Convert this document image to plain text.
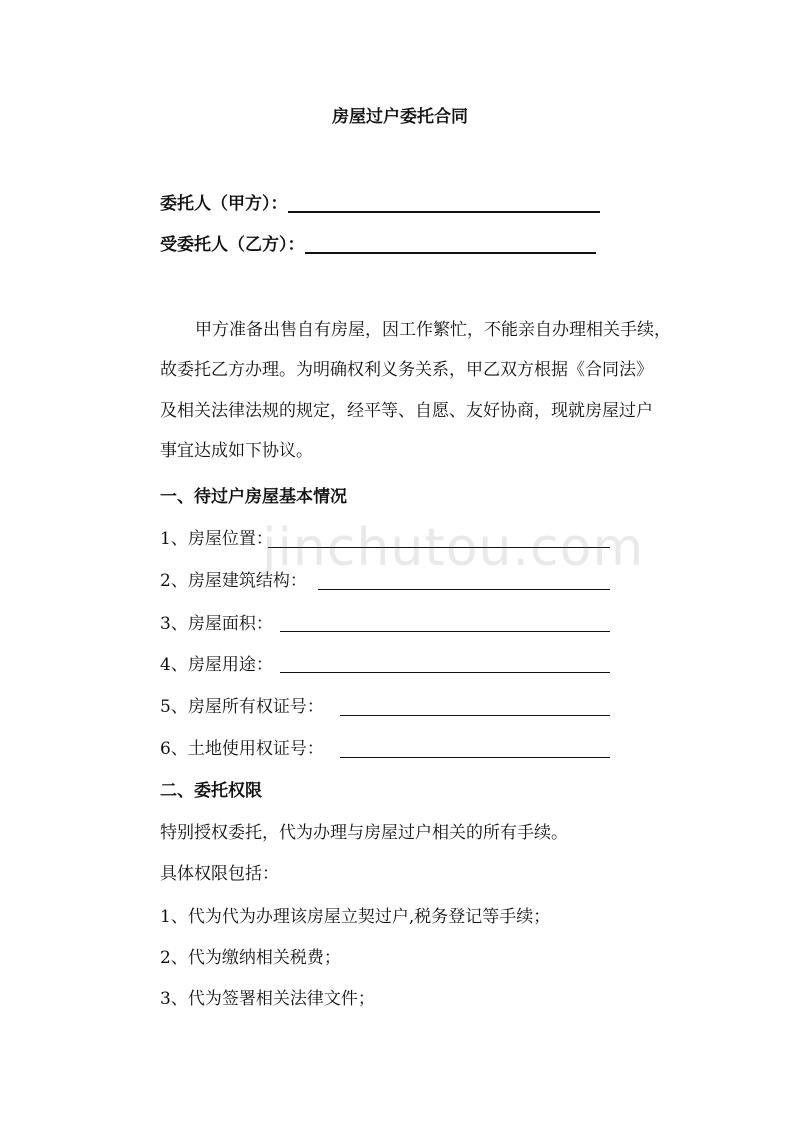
房屋过户委托合同
委托人（甲方）：
受委托人（乙方）：
甲方准备出售自有房屋，因工作繁忙，不能亲自办理相关手续，
故委托乙方办理。为明确权利义务关系，甲乙双方根据《合同法》
及相关法律法规的规定，经平等、自愿、友好协商，现就房屋过户
事宜达成如下协议。
一、待过户房屋基本情况
1、房屋位置：
2、房屋建筑结构：
3、房屋面积：
4、房屋用途：
5、房屋所有权证号：
6、土地使用权证号：
二、委托权限
特别授权委托，代为办理与房屋过户相关的所有手续。
具体权限包括：
1、代为代为办理该房屋立契过户,税务登记等手续；
2、代为缴纳相关税费；
3、代为签署相关法律文件；
jinchutou.com
